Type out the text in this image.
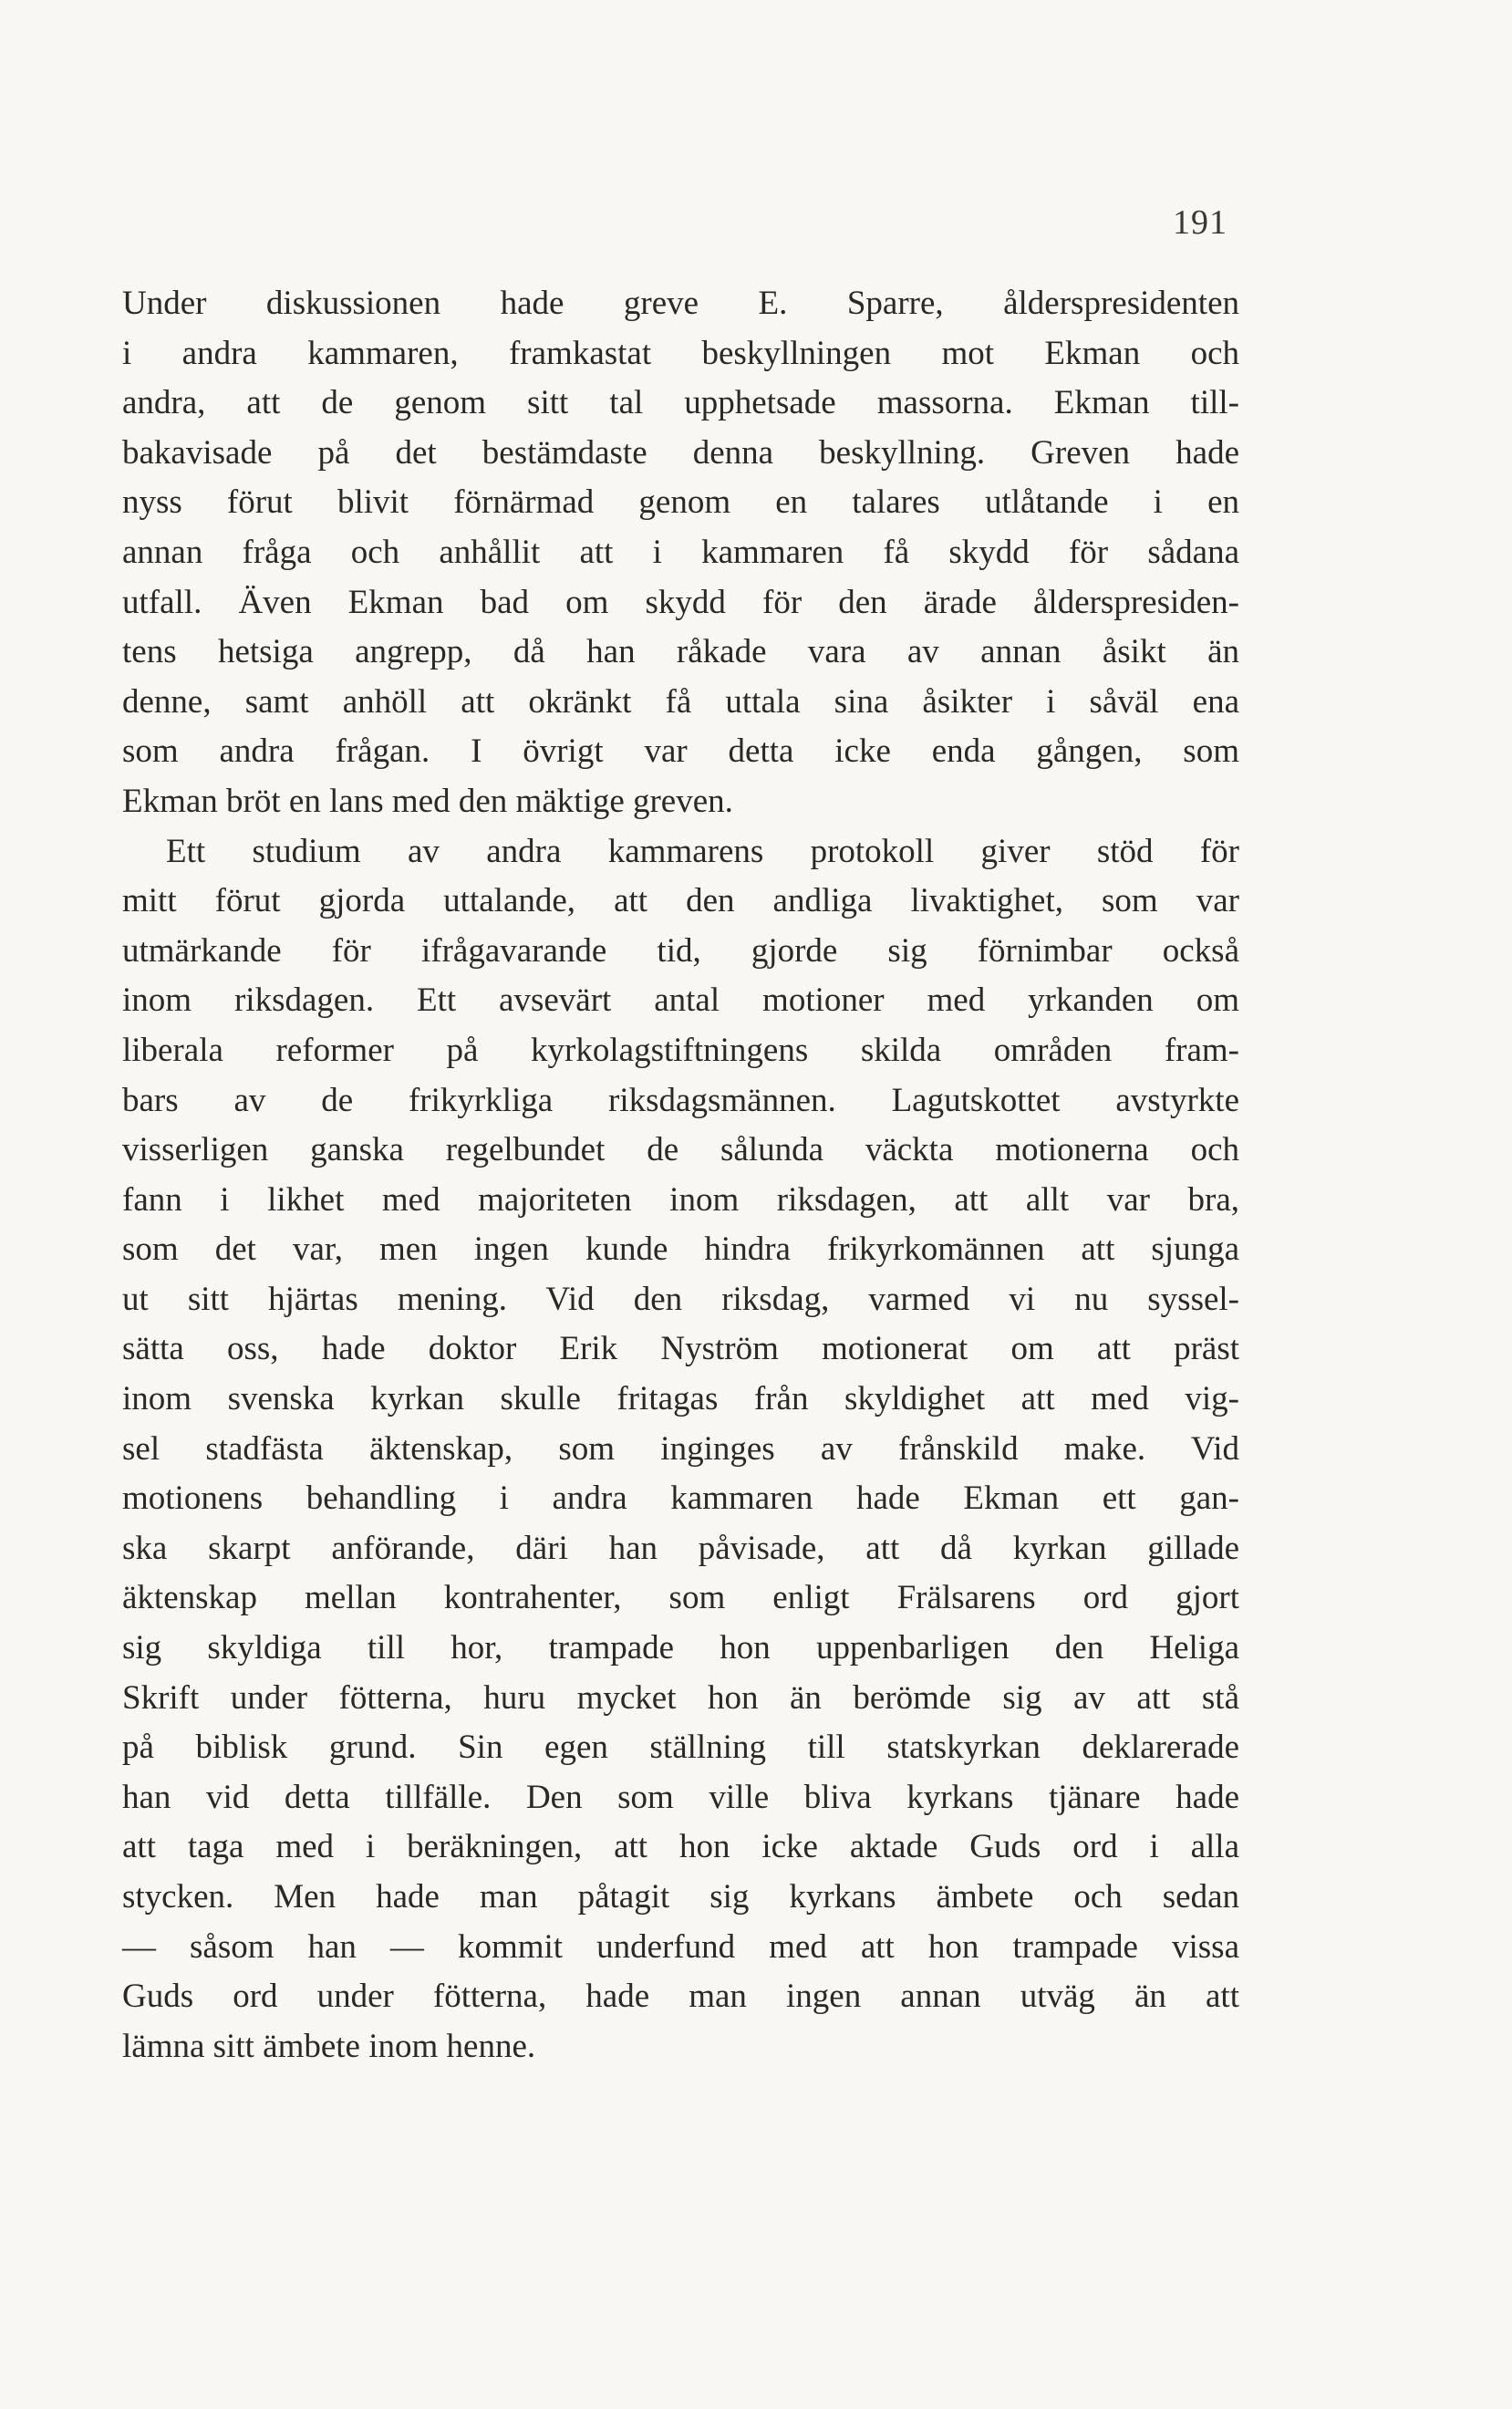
191
Under diskussionen hade greve E. Sparre, ålderspresidenten
i andra kammaren, framkastat beskyllningen mot Ekman och
andra, att de genom sitt tal upphetsade massorna. Ekman till-
bakavisade på det bestämdaste denna beskyllning. Greven hade
nyss förut blivit förnärmad genom en talares utlåtande i en
annan fråga och anhållit att i kammaren få skydd för sådana
utfall. Även Ekman bad om skydd för den ärade ålderspresiden-
tens hetsiga angrepp, då han råkade vara av annan åsikt än
denne, samt anhöll att okränkt få uttala sina åsikter i såväl ena
som andra frågan. I övrigt var detta icke enda gången, som
Ekman bröt en lans med den mäktige greven.
Ett studium av andra kammarens protokoll giver stöd för
mitt förut gjorda uttalande, att den andliga livaktighet, som var
utmärkande för ifrågavarande tid, gjorde sig förnimbar också
inom riksdagen. Ett avsevärt antal motioner med yrkanden om
liberala reformer på kyrkolagstiftningens skilda områden fram-
bars av de frikyrkliga riksdagsmännen. Lagutskottet avstyrkte
visserligen ganska regelbundet de sålunda väckta motionerna och
fann i likhet med majoriteten inom riksdagen, att allt var bra,
som det var, men ingen kunde hindra frikyrkomännen att sjunga
ut sitt hjärtas mening. Vid den riksdag, varmed vi nu syssel-
sätta oss, hade doktor Erik Nyström motionerat om att präst
inom svenska kyrkan skulle fritagas från skyldighet att med vig-
sel stadfästa äktenskap, som inginges av frånskild make. Vid
motionens behandling i andra kammaren hade Ekman ett gan-
ska skarpt anförande, däri han påvisade, att då kyrkan gillade
äktenskap mellan kontrahenter, som enligt Frälsarens ord gjort
sig skyldiga till hor, trampade hon uppenbarligen den Heliga
Skrift under fötterna, huru mycket hon än berömde sig av att stå
på biblisk grund. Sin egen ställning till statskyrkan deklarerade
han vid detta tillfälle. Den som ville bliva kyrkans tjänare hade
att taga med i beräkningen, att hon icke aktade Guds ord i alla
stycken. Men hade man påtagit sig kyrkans ämbete och sedan
— såsom han — kommit underfund med att hon trampade vissa
Guds ord under fötterna, hade man ingen annan utväg än att
lämna sitt ämbete inom henne.
